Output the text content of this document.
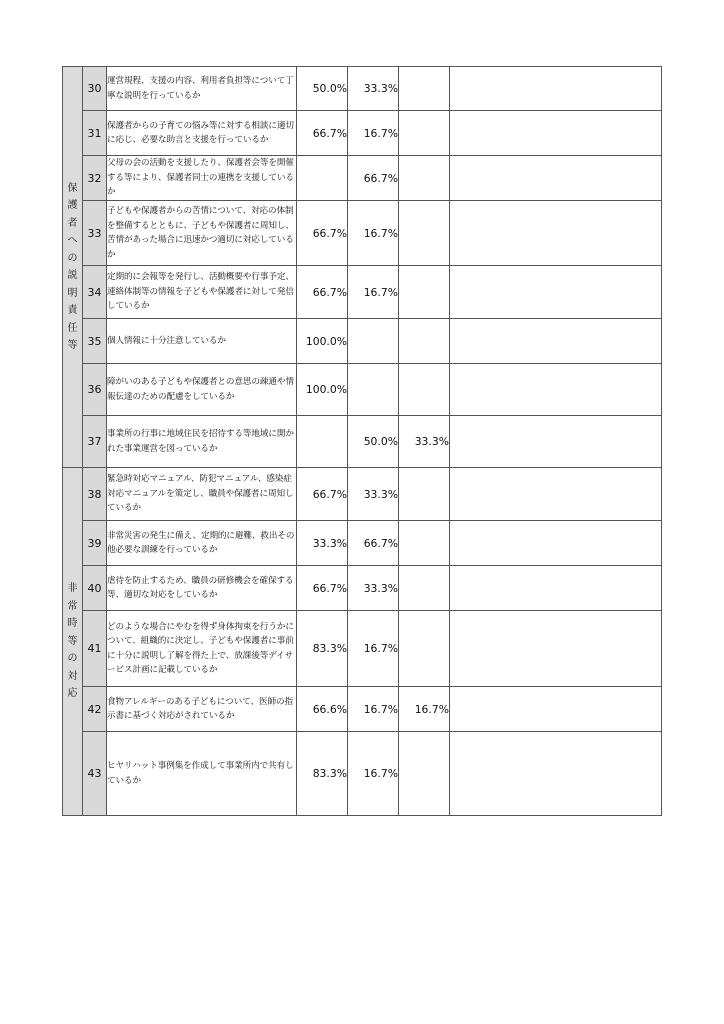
保護者への説明責任等	30	運営規程、支援の内容、利用者負担等について丁寧な説明を行っているか	50.0%	33.3%		
	31	保護者からの子育ての悩み等に対する相談に適切に応じ、必要な助言と支援を行っているか	66.7%	16.7%		
	32	父母の会の活動を支援したり、保護者会等を開催する等により、保護者同士の連携を支援しているか		66.7%		
	33	子どもや保護者からの苦情について、対応の体制を整備するとともに、子どもや保護者に周知し、苦情があった場合に迅速かつ適切に対応しているか	66.7%	16.7%		
	34	定期的に会報等を発行し、活動概要や行事予定、連絡体制等の情報を子どもや保護者に対して発信しているか	66.7%	16.7%		
	35	個人情報に十分注意しているか	100.0%			
	36	障がいのある子どもや保護者との意思の疎通や情報伝達のための配慮をしているか	100.0%			
	37	事業所の行事に地域住民を招待する等地域に開かれた事業運営を図っているか		50.0%	33.3%	
非常時等の対応	38	緊急時対応マニュアル、防犯マニュアル、感染症対応マニュアルを策定し、職員や保護者に周知しているか	66.7%	33.3%		
	39	非常災害の発生に備え、定期的に避難、救出その他必要な訓練を行っているか	33.3%	66.7%		
	40	虐待を防止するため、職員の研修機会を確保する等、適切な対応をしているか	66.7%	33.3%		
	41	どのような場合にやむを得ず身体拘束を行うかについて、組織的に決定し、子どもや保護者に事前に十分に説明し了解を得た上で、放課後等デイサービス計画に記載しているか	83.3%	16.7%		
	42	食物アレルギーのある子どもについて、医師の指示書に基づく対応がされているか	66.6%	16.7%	16.7%	
	43	ヒヤリハット事例集を作成して事業所内で共有しているか	83.3%	16.7%		
